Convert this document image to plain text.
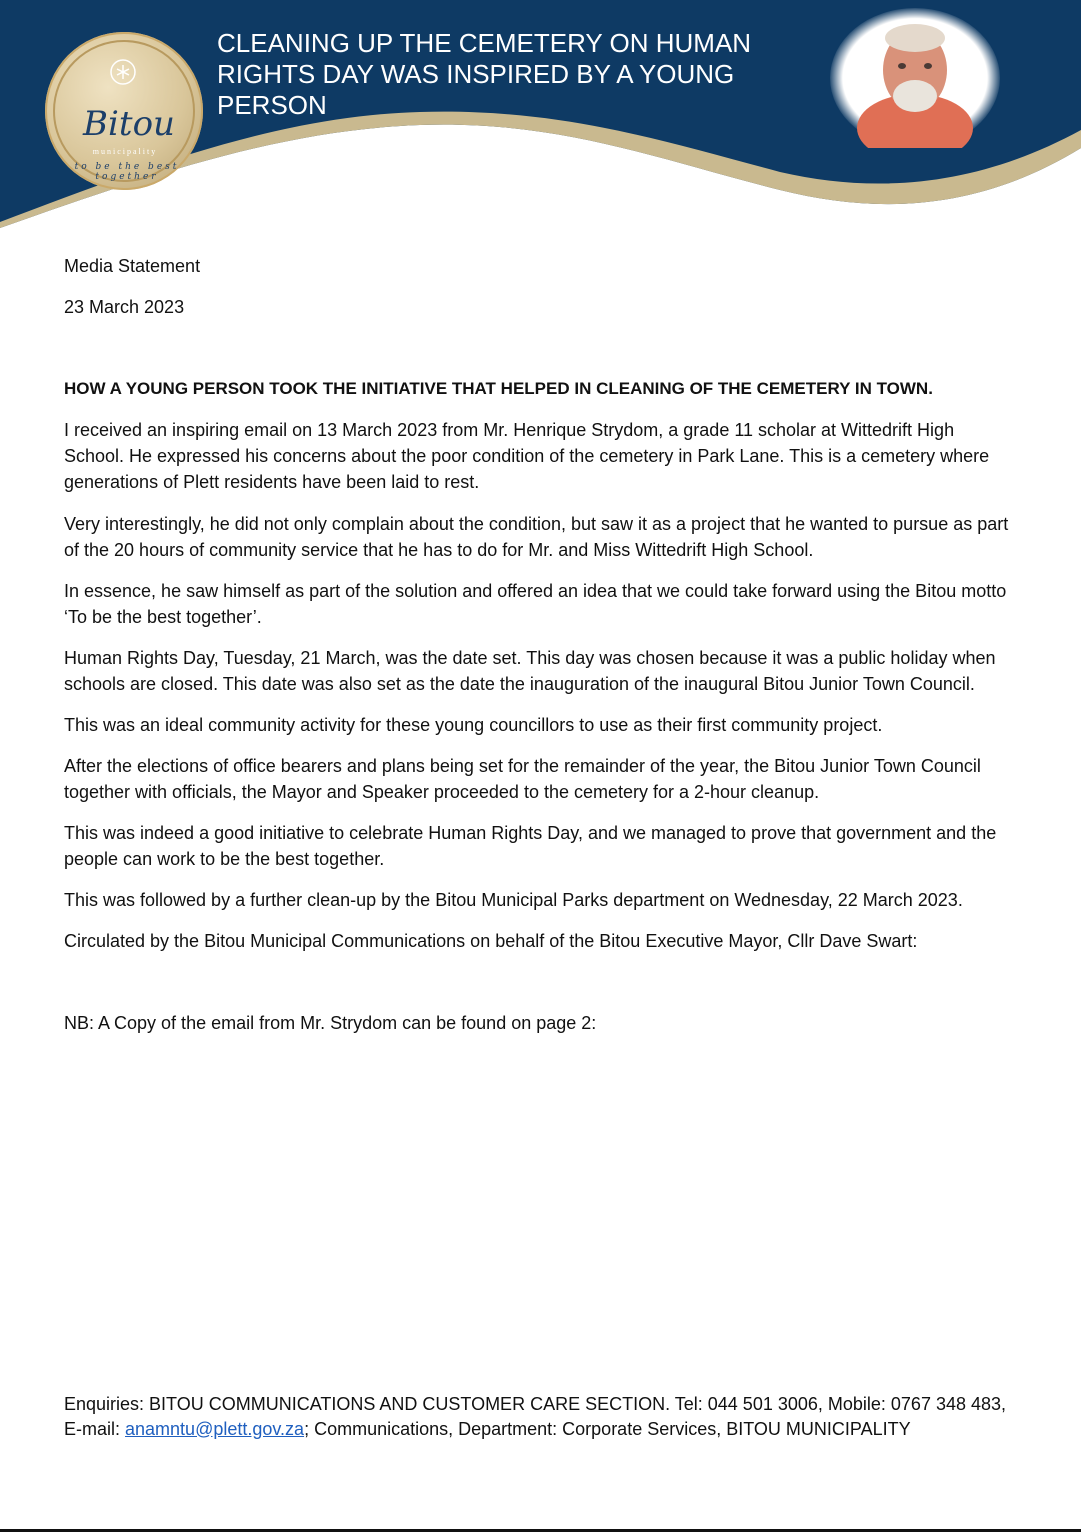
Bitou
municipality
to be the best together
CLEANING UP THE CEMETERY ON HUMAN RIGHTS DAY WAS INSPIRED BY A YOUNG PERSON
Media Statement
23 March 2023
HOW A YOUNG PERSON TOOK THE INITIATIVE THAT HELPED IN CLEANING OF THE CEMETERY IN TOWN.
I received an inspiring email on 13 March 2023 from Mr. Henrique Strydom, a grade 11 scholar at Wittedrift High School. He expressed his concerns about the poor condition of the cemetery in Park Lane. This is a cemetery where generations of Plett residents have been laid to rest.
Very interestingly, he did not only complain about the condition, but saw it as a project that he wanted to pursue as part of the 20 hours of community service that he has to do for Mr. and Miss Wittedrift High School.
In essence, he saw himself as part of the solution and offered an idea that we could take forward using the Bitou motto ‘To be the best together’.
Human Rights Day, Tuesday, 21 March, was the date set. This day was chosen because it was a public holiday when schools are closed. This date was also set as the date the inauguration of the inaugural Bitou Junior Town Council.
This was an ideal community activity for these young councillors to use as their first community project.
After the elections of office bearers and plans being set for the remainder of the year, the Bitou Junior Town Council together with officials, the Mayor and Speaker proceeded to the cemetery for a 2-hour cleanup.
This was indeed a good initiative to celebrate Human Rights Day, and we managed to prove that government and the people can work to be the best together.
This was followed by a further clean-up by the Bitou Municipal Parks department on Wednesday, 22 March 2023.
Circulated by the Bitou Municipal Communications on behalf of the Bitou Executive Mayor, Cllr Dave Swart:
NB: A Copy of the email from Mr. Strydom can be found on page 2:
Enquiries: BITOU COMMUNICATIONS AND CUSTOMER CARE SECTION. Tel: 044 501 3006, Mobile: 0767 348 483, E-mail: anamntu@plett.gov.za; Communications, Department: Corporate Services, BITOU MUNICIPALITY
